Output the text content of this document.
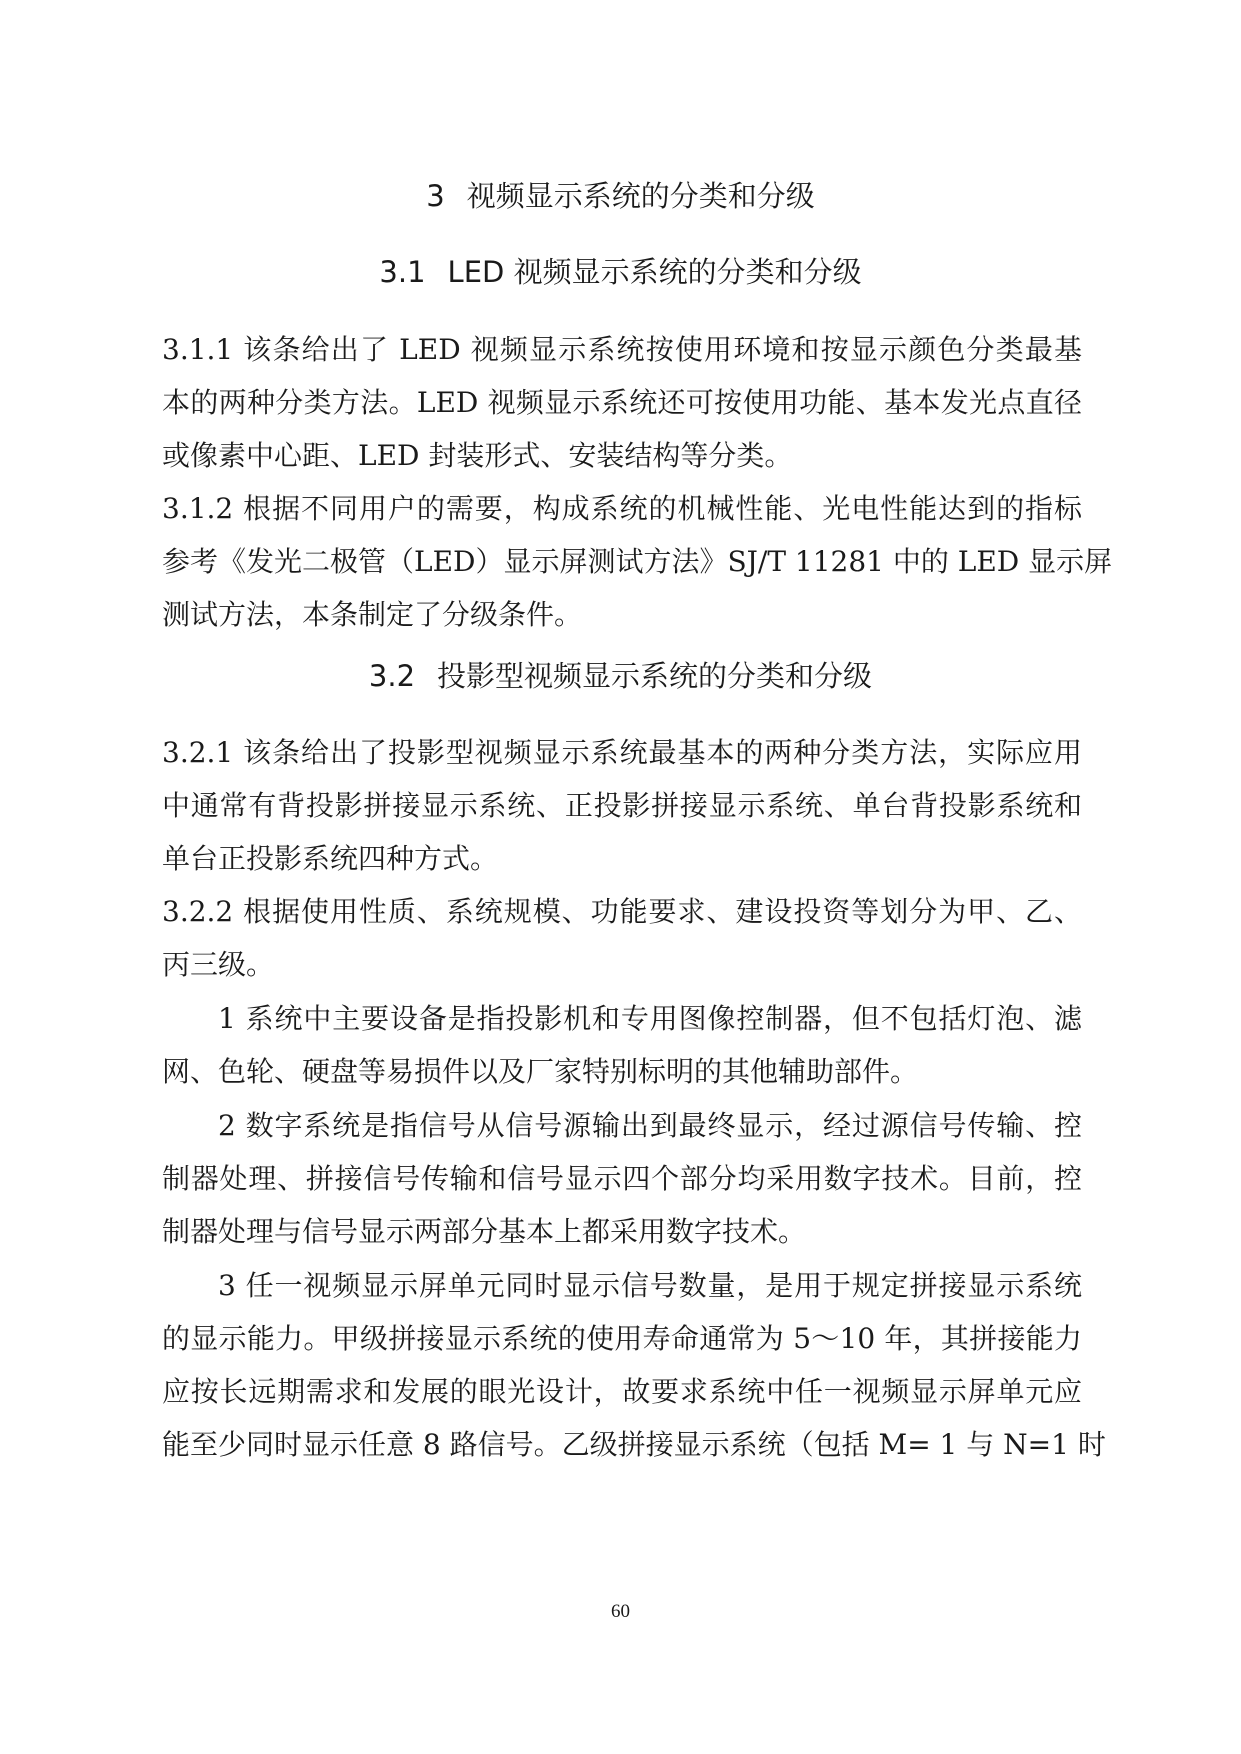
3 视频显示系统的分类和分级
3.1 LED 视频显示系统的分类和分级
3.1.1 该条给出了 LED 视频显示系统按使用环境和按显示颜色分类最基
本的两种分类方法。LED 视频显示系统还可按使用功能、基本发光点直径
或像素中心距、LED 封装形式、安装结构等分类。
3.1.2 根据不同用户的需要，构成系统的机械性能、光电性能达到的指标
参考《发光二极管（LED）显示屏测试方法》SJ/T 11281 中的 LED 显示屏
测试方法，本条制定了分级条件。
3.2 投影型视频显示系统的分类和分级
3.2.1 该条给出了投影型视频显示系统最基本的两种分类方法，实际应用
中通常有背投影拼接显示系统、正投影拼接显示系统、单台背投影系统和
单台正投影系统四种方式。
3.2.2 根据使用性质、系统规模、功能要求、建设投资等划分为甲、乙、
丙三级。
1 系统中主要设备是指投影机和专用图像控制器，但不包括灯泡、滤
网、色轮、硬盘等易损件以及厂家特别标明的其他辅助部件。
2 数字系统是指信号从信号源输出到最终显示，经过源信号传输、控
制器处理、拼接信号传输和信号显示四个部分均采用数字技术。目前，控
制器处理与信号显示两部分基本上都采用数字技术。
3 任一视频显示屏单元同时显示信号数量，是用于规定拼接显示系统
的显示能力。甲级拼接显示系统的使用寿命通常为 5～10 年，其拼接能力
应按长远期需求和发展的眼光设计，故要求系统中任一视频显示屏单元应
能至少同时显示任意 8 路信号。乙级拼接显示系统（包括 M= 1 与 N=1 时
60
